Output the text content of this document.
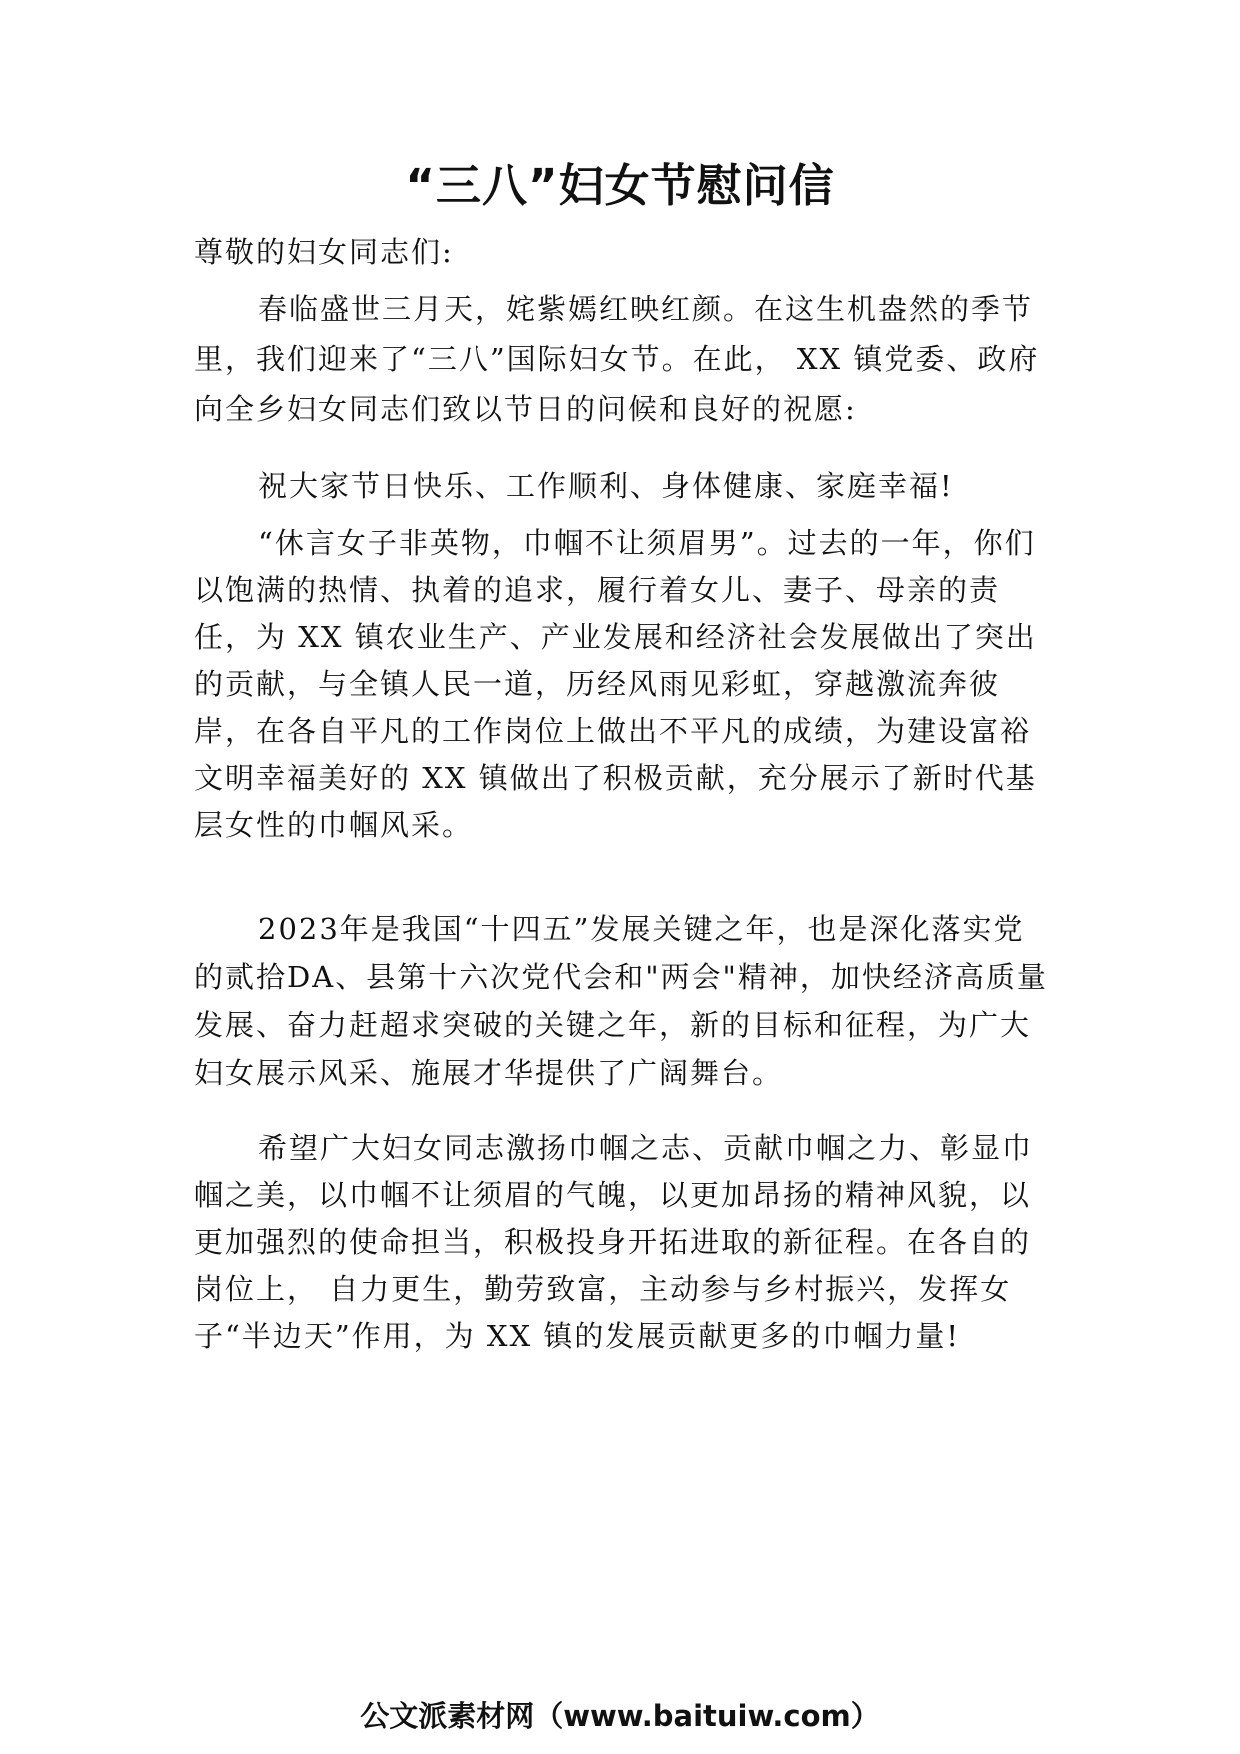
“三八”妇女节慰问信

尊敬的妇女同志们:

春临盛世三月天，姹紫嫣红映红颜。在这生机盎然的季节里，我们迎来了“三八”国际妇女节。在此， XX 镇党委、政府向全乡妇女同志们致以节日的问候和良好的祝愿:

祝大家节日快乐、工作顺利、身体健康、家庭幸福!

“休言女子非英物，巾帼不让须眉男”。过去的一年，你们以饱满的热情、执着的追求，履行着女儿、妻子、母亲的责任，为 XX 镇农业生产、产业发展和经济社会发展做出了突出的贡献，与全镇人民一道，历经风雨见彩虹，穿越激流奔彼岸，在各自平凡的工作岗位上做出不平凡的成绩，为建设富裕文明幸福美好的 XX 镇做出了积极贡献，充分展示了新时代基层女性的巾帼风采。

2023年是我国“十四五”发展关键之年，也是深化落实党的贰拾DA、县第十六次党代会和"两会"精神，加快经济高质量发展、奋力赶超求突破的关键之年，新的目标和征程，为广大妇女展示风采、施展才华提供了广阔舞台。

希望广大妇女同志激扬巾帼之志、贡献巾帼之力、彰显巾帼之美，以巾帼不让须眉的气魄，以更加昂扬的精神风貌，以更加强烈的使命担当，积极投身开拓进取的新征程。在各自的岗位上， 自力更生，勤劳致富，主动参与乡村振兴，发挥女子“半边天”作用，为 XX 镇的发展贡献更多的巾帼力量!

公文派素材网（www.baituiw.com）
